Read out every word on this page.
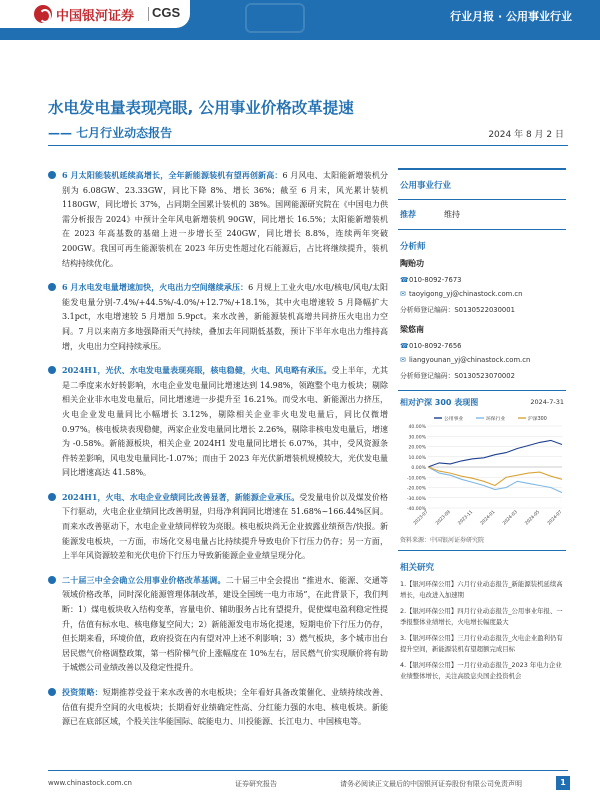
中国银河证券 CGS	行业月报 · 公用事业行业
水电发电量表现亮眼, 公用事业价格改革提速
—— 七月行业动态报告	2024 年 8 月 2 日
6 月太阳能装机延续高增长，全年新能源装机有望再创新高：6 月风电、太阳能新增装机分别为 6.08GW、23.33GW，同比下降 8%、增长 36%；截至 6 月末，风光累计装机 1180GW，同比增长 37%，占同期全国累计装机的 38%。国网能源研究院在《中国电力供需分析报告 2024》中预计全年风电新增装机 90GW，同比增长 16.5%；太阳能新增装机在 2023 年高基数的基础上进一步增长至 240GW，同比增长 8.8%，连续两年突破 200GW。我国可再生能源装机在 2023 年历史性超过化石能源后，占比将继续提升，装机结构持续优化。
6 月水电发电量增速加快，火电出力空间继续承压：6 月规上工业火电/水电/核电/风电/太阳能发电量分别-7.4%/+44.5%/-4.0%/+12.7%/+18.1%，其中火电增速较 5 月降幅扩大 3.1pct，水电增速较 5 月增加 5.9pct。来水改善，新能源装机高增共同挤压火电出力空间。7 月以来南方多地强降雨天气持续，叠加去年同期低基数，预计下半年水电出力维持高增，火电出力空间持续承压。
2024H1，光伏、水电发电量表现亮眼，核电稳健，火电、风电略有承压。受上半年，尤其是二季度来水好转影响，水电企业发电量同比增速达到 14.98%，领跑整个电力板块；剔除相关企业非水电发电量后，同比增速进一步提升至 16.21%。而受水电、新能源出力挤压，火电企业发电量同比小幅增长 3.12%，剔除相关企业非火电发电量后，同比仅微增 0.97%。核电板块表现稳健，两家企业发电量同比增长 2.26%，剔除非核电发电量后，增速为 -0.58%。新能源板块，相关企业 2024H1 发电量同比增长 6.07%，其中，受风资源条件转差影响，风电发电量同比-1.07%；而由于 2023 年光伏新增装机规模较大，光伏发电量同比增速高达 41.58%。
2024H1，火电、水电企业业绩同比改善显著，新能源企业承压。受发量电价以及煤发价格下行驱动，火电企业业绩同比改善明显，归母净利润同比增速在 51.68%~166.44%区间。而来水改善驱动下，水电企业业绩同样较为亮眼。核电板块尚无企业披露业绩预告/快报。新能源发电板块，一方面，市场化交易电量占比持续提升导致电价下行压力仍存；另一方面，上半年风资源较差和光伏电价下行压力导致新能源企业业绩呈现分化。
二十届三中全会确立公用事业价格改革基调。二十届三中全会提出 “推进水、能源、交通等领域价格改革，同时深化能源管理体制改革，建设全国统一电力市场”，在此背景下，我们判断：1）煤电板块收入结构变革，容量电价、辅助服务占比有望提升，促使煤电盈利稳定性提升，估值有标水电、核电修复空间大；2）新能源发电市场化提速，短期电价下行压力仍存，但长期来看，环境价值，政府投资在内有望对冲上述不利影响；3）燃气板块，多个城市出台居民燃气价格调整政策，第一档阶梯气价上涨幅度在 10%左右，居民燃气价实现顺价将有助于城燃公司业绩改善以及稳定性提升。
投资策略：短期推荐受益于来水改善的水电板块；全年看好具备改策催化、业绩持续改善、估值有提升空间的火电板块；长期看好业绩确定性高、分红能力强的水电、核电板块。新能源已在底部区域，个股关注华能国际、皖能电力、川投能源、长江电力、中国核电等。
公用事业行业
推荐	维持
分析师
陶贻功
☎010-8092-7673
✉ taoyigong_yj@chinastock.com.cn
分析师登记编码：S0130522030001
梁悠南
☎010-8092-7656
✉ liangyounan_yj@chinastock.com.cn
分析师登记编码：S0130523070002
相对沪深 300 表现图	2024-7-31
40.00%
30.00%
20.00%
10.00%
0.00%
-10.00%
-20.00%
-30.00%
-40.00%
2023-07 2023-09 2023-11 2024-01 2024-03 2024-05 2024-07
公用事业	环保行业	沪深300
资料来源：中国银河证券研究院
相关研究
1.【银河环保公用】六月行业动态报告_新能源装机延续高增长，电改进入加速期
2.【银河环保公用】四月行业动态报告_公用事业年报、一季报整体业绩增长，火电增长幅度最大
3.【银河环保公用】三月行业动态报告_火电企业盈利仍有提升空间，新能源装机有望超额完成目标
4.【银河环保公用】一月行业动态报告_2023 年电力企业业绩整体增长，关注高股息央国企投资机会
www.chinastock.com.cn	证券研究报告	请务必阅读正文最后的中国银河证券股份有限公司免责声明	1
